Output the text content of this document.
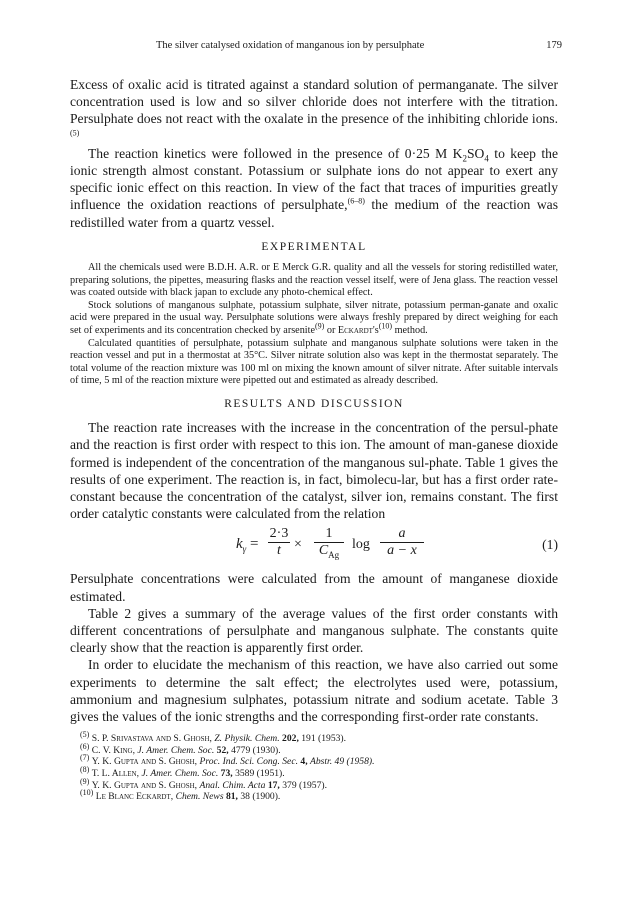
The silver catalysed oxidation of manganous ion by persulphate	179

Excess of oxalic acid is titrated against a standard solution of permanganate. The silver concentration used is low and so silver chloride does not interfere with the titration. Persulphate does not react with the oxalate in the presence of the inhibiting chloride ions.$^{(5)}$

The reaction kinetics were followed in the presence of 0·25 M $K_2SO_4$ to keep the ionic strength almost constant. Potassium or sulphate ions do not appear to exert any specific ionic effect on this reaction. In view of the fact that traces of impurities greatly influence the oxidation reactions of persulphate,$^{(6-8)}$ the medium of the reaction was redistilled water from a quartz vessel.

EXPERIMENTAL

All the chemicals used were B.D.H. A.R. or E Merck G.R. quality and all the vessels for storing redistilled water, preparing solutions, the pipettes, measuring flasks and the reaction vessel itself, were of Jena glass. The reaction vessel was coated outside with black japan to exclude any photo-chemical effect.

Stock solutions of manganous sulphate, potassium sulphate, silver nitrate, potassium perman-ganate and oxalic acid were prepared in the usual way. Persulphate solutions were always freshly prepared by direct weighing for each set of experiments and its concentration checked by arsenite$^{(9)}$ or $Eckardt's^{(10)}$ method.

Calculated quantities of persulphate, potassium sulphate and manganous sulphate solutions were taken in the reaction vessel and put in a thermostat at 35°C. Silver nitrate solution also was kept in the thermostat separately. The total volume of the reaction mixture was 100 ml on mixing the known amount of silver nitrate. After suitable intervals of time, 5 ml of the reaction mixture were pipetted out and estimated as already described.

RESULTS AND DISCUSSION

The reaction rate increases with the increase in the concentration of the persul-phate and the reaction is first order with respect to this ion. The amount of man-ganese dioxide formed is independent of the concentration of the manganous sul-phate. Table 1 gives the results of one experiment. The reaction is, in fact, bimolecu-lar, but has a first order rate-constant because the concentration of the catalyst, silver ion, remains constant. The first order catalytic constants were calculated from the relation

$k_\gamma$ =
2·3
t ×
1
$C_{Ag}$
log
a
a − x	(1)

Persulphate concentrations were calculated from the amount of manganese dioxide estimated.

Table 2 gives a summary of the average values of the first order constants with different concentrations of persulphate and manganous sulphate. The constants quite clearly show that the reaction is apparently first order.

In order to elucidate the mechanism of this reaction, we have also carried out some experiments to determine the salt effect; the electrolytes used were, potassium, ammonium and magnesium sulphates, potassium nitrate and sodium acetate. Table 3 gives the values of the ionic strengths and the corresponding first-order rate constants.

$^{(5)}$ S. P. Srivastava and S. Ghosh, Z. Physik. Chem. 202, 191 (1953).
$^{(6)}$ C. V. King, J. Amer. Chem. Soc. 52, 4779 (1930).
$^{(7)}$ Y. K. Gupta and S. Ghosh, Proc. Ind. Sci. Cong. Sec. 4, Abstr. 49 (1958).
$^{(8)}$ T. L. Allen, J. Amer. Chem. Soc. 73, 3589 (1951).
$^{(9)}$ Y. K. Gupta and S. Ghosh, Anal. Chim. Acta 17, 379 (1957).
$^{(10)}$ Le Blanc Eckardt, Chem. News 81, 38 (1900).
